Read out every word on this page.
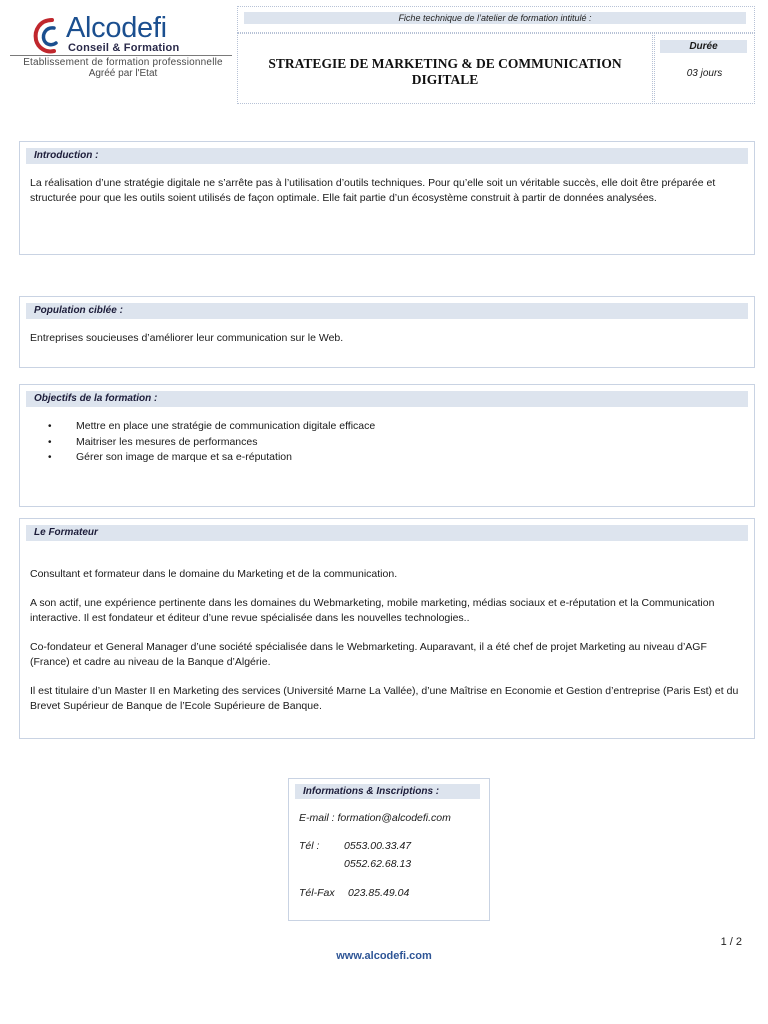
Alcodefi
Conseil & Formation
Etablissement de formation professionnelle
Agréé par l'Etat
Fiche technique de l’atelier de formation intitulé :
STRATEGIE DE MARKETING & DE COMMUNICATION DIGITALE
Durée
03 jours
Introduction :
La réalisation d’une stratégie digitale ne s’arrête pas à l’utilisation d’outils techniques. Pour qu’elle soit un véritable succès, elle doit être préparée et structurée pour que les outils soient utilisés de façon optimale. Elle fait partie d’un écosystème construit à partir de données analysées.
Population ciblée :
Entreprises soucieuses d’améliorer leur communication sur le Web.
Objectifs de la formation :
• Mettre en place une stratégie de communication digitale efficace
• Maitriser les mesures de performances
• Gérer son image de marque et sa e-réputation
Le Formateur

Consultant et formateur dans le domaine du Marketing et de la communication.

A son actif, une expérience pertinente dans les domaines du Webmarketing, mobile marketing, médias sociaux et e-réputation et la Communication interactive. Il est fondateur et éditeur d’une revue spécialisée dans les nouvelles technologies..

Co-fondateur et General Manager d’une société spécialisée dans le Webmarketing. Auparavant, il a été chef de projet Marketing au niveau d’AGF (France) et cadre au niveau de la Banque d’Algérie.

Il est titulaire d’un Master II en Marketing des services (Université Marne La Vallée), d’une Maîtrise en Economie et Gestion d’entreprise (Paris Est) et du Brevet Supérieur de Banque de l’Ecole Supérieure de Banque.

Informations & Inscriptions :
E-mail : formation@alcodefi.com
Tél : 0553.00.33.47
0552.62.68.13
Tél-Fax 023.85.49.04
1 / 2
www.alcodefi.com
